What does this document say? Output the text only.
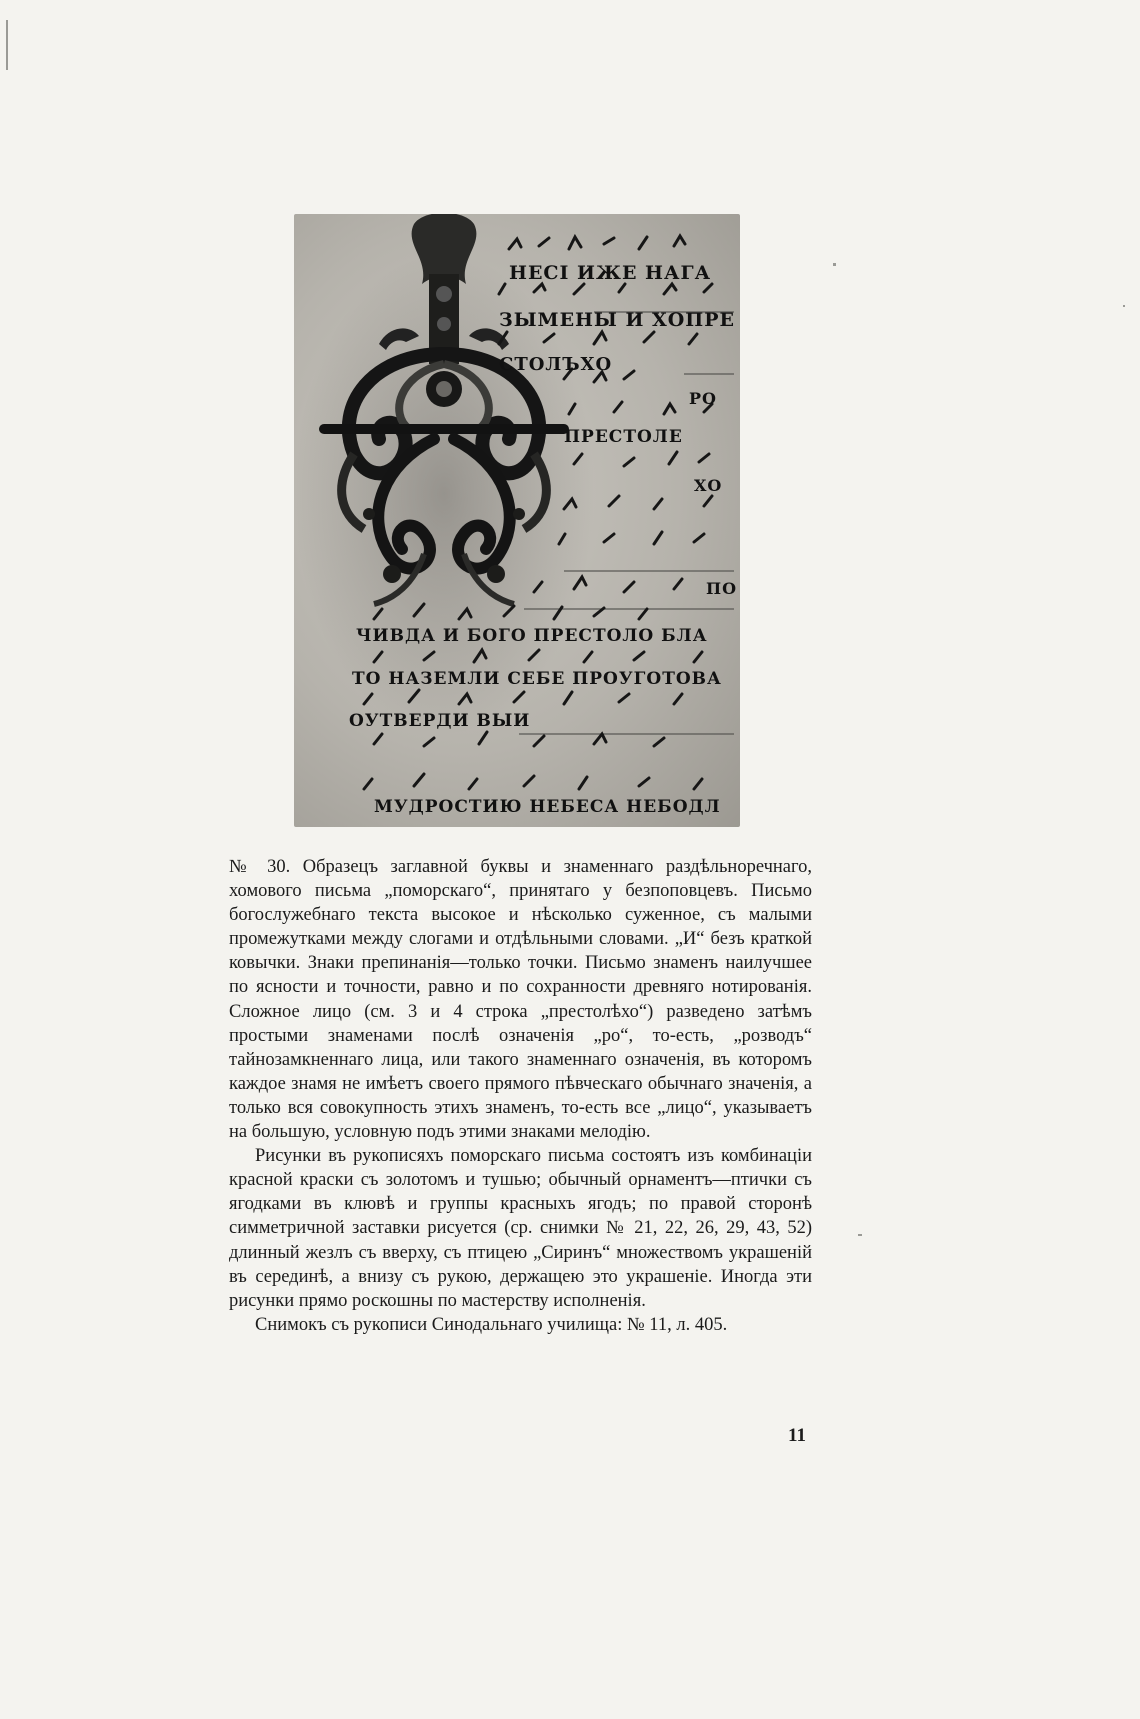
НЕСІ ИЖЕ НАГА
ЗЫМЕНЫ И ХОПРЕ
СТОЛЪХО
РО
ПРЕСТОЛЕ
ХО
ПО
ЧИВДА И БОГО ПРЕСТОЛО БЛА
ТО НАЗЕМЛИ СЕБЕ ПРОУГОТОВА
ОУТВЕРДИ ВЫИ
МУДРОСТИЮ НЕБЕСА НЕБОДЛ

№ 30. Образецъ заглавной буквы и знаменнаго раздѣльноречнаго, хомового письма „поморскаго“, принятаго у безпоповцевъ. Письмо богослужебнаго текста высокое и нѣсколько суженное, съ малыми промежутками между слогами и отдѣльными словами. „И“ безъ краткой ковычки. Знаки препинанія—только точки. Письмо знаменъ наилучшее по ясности и точности, равно и по сохранности древняго нотированія. Сложное лицо (см. 3 и 4 строка „престолѣхо“) разведено затѣмъ простыми знаменами послѣ означенія „ро“, то-есть, „розводъ“ тайнозамкненнаго лица, или такого знаменнаго означенія, въ которомъ каждое знамя не имѣетъ своего прямого пѣвческаго обычнаго значенія, а только вся совокупность этихъ знаменъ, то-есть все „лицо“, указываетъ на большую, условную подъ этими знаками мелодію.

Рисунки въ рукописяхъ поморскаго письма состоятъ изъ комбинаціи красной краски съ золотомъ и тушью; обычный орнаментъ—птички съ ягодками въ клювѣ и группы красныхъ ягодъ; по правой сторонѣ симметричной заставки рисуется (ср. снимки № 21, 22, 26, 29, 43, 52) длинный жезлъ съ вверху, съ птицею „Сиринъ“ множествомъ украшеній въ серединѣ, а внизу съ рукою, держащею это украшеніе. Иногда эти рисунки прямо роскошны по мастерству исполненія.

Снимокъ съ рукописи Синодальнаго училища: № 11, л. 405.

11
